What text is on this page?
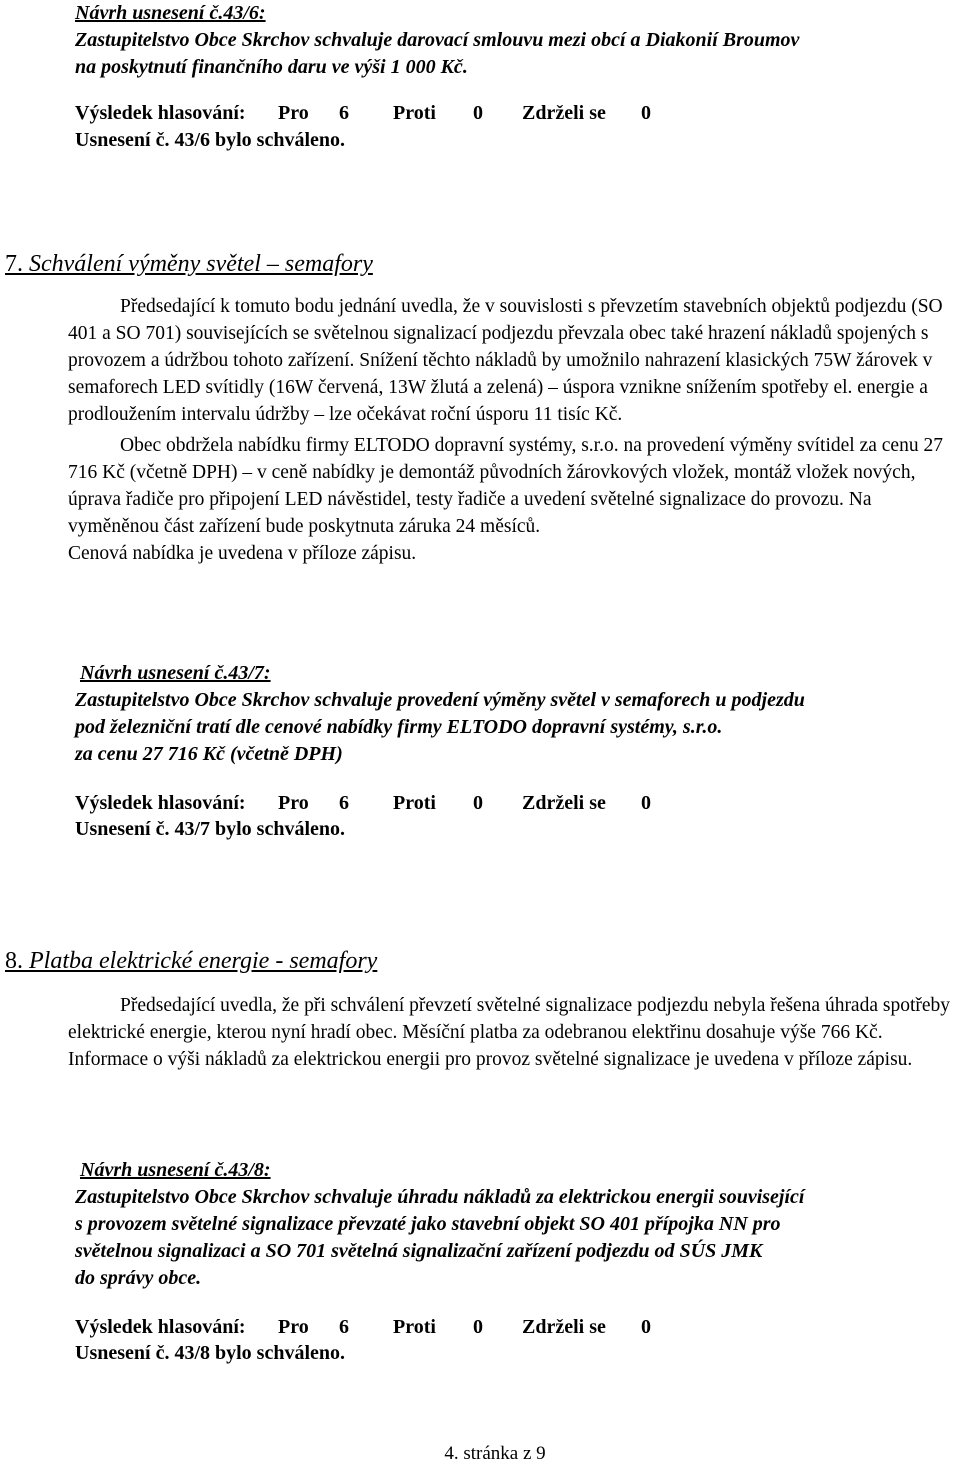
Návrh usnesení č.43/6:
Zastupitelstvo Obce Skrchov schvaluje darovací smlouvu mezi obcí a Diakonií Broumov
na poskytnutí finančního daru ve výši 1 000 Kč.
Výsledek hlasování: Pro 6 Proti 0 Zdrželi se 0
Usnesení č. 43/6 bylo schváleno.
7. Schválení výměny světel – semafory

Předsedající k tomuto bodu jednání uvedla, že v souvislosti s převzetím stavebních objektů podjezdu (SO 401 a SO 701) souvisejících se světelnou signalizací podjezdu převzala obec také hrazení nákladů spojených s provozem a údržbou tohoto zařízení. Snížení těchto nákladů by umožnilo nahrazení klasických 75W žárovek v semaforech LED svítidly (16W červená, 13W žlutá a zelená) – úspora vznikne snížením spotřeby el. energie a prodloužením intervalu údržby – lze očekávat roční úsporu 11 tisíc Kč.

Obec obdržela nabídku firmy ELTODO dopravní systémy, s.r.o. na provedení výměny svítidel za cenu 27 716 Kč (včetně DPH) – v ceně nabídky je demontáž původních žárovkových vložek, montáž vložek nových, úprava řadiče pro připojení LED návěstidel, testy řadiče a uvedení světelné signalizace do provozu. Na vyměněnou část zařízení bude poskytnuta záruka 24 měsíců.

Cenová nabídka je uvedena v příloze zápisu.

Návrh usnesení č.43/7:
Zastupitelstvo Obce Skrchov schvaluje provedení výměny světel v semaforech u podjezdu
pod železniční tratí dle cenové nabídky firmy ELTODO dopravní systémy, s.r.o.
za cenu 27 716 Kč (včetně DPH)
Výsledek hlasování: Pro 6 Proti 0 Zdrželi se 0
Usnesení č. 43/7 bylo schváleno.
8. Platba elektrické energie - semafory

Předsedající uvedla, že při schválení převzetí světelné signalizace podjezdu nebyla řešena úhrada spotřeby elektrické energie, kterou nyní hradí obec. Měsíční platba za odebranou elektřinu dosahuje výše 766 Kč.

Informace o výši nákladů za elektrickou energii pro provoz světelné signalizace je uvedena v příloze zápisu.

Návrh usnesení č.43/8:
Zastupitelstvo Obce Skrchov schvaluje úhradu nákladů za elektrickou energii související
s provozem světelné signalizace převzaté jako stavební objekt SO 401 přípojka NN pro
světelnou signalizaci a SO 701 světelná signalizační zařízení podjezdu od SÚS JMK
do správy obce.
Výsledek hlasování: Pro 6 Proti 0 Zdrželi se 0
Usnesení č. 43/8 bylo schváleno.
4. stránka z 9
